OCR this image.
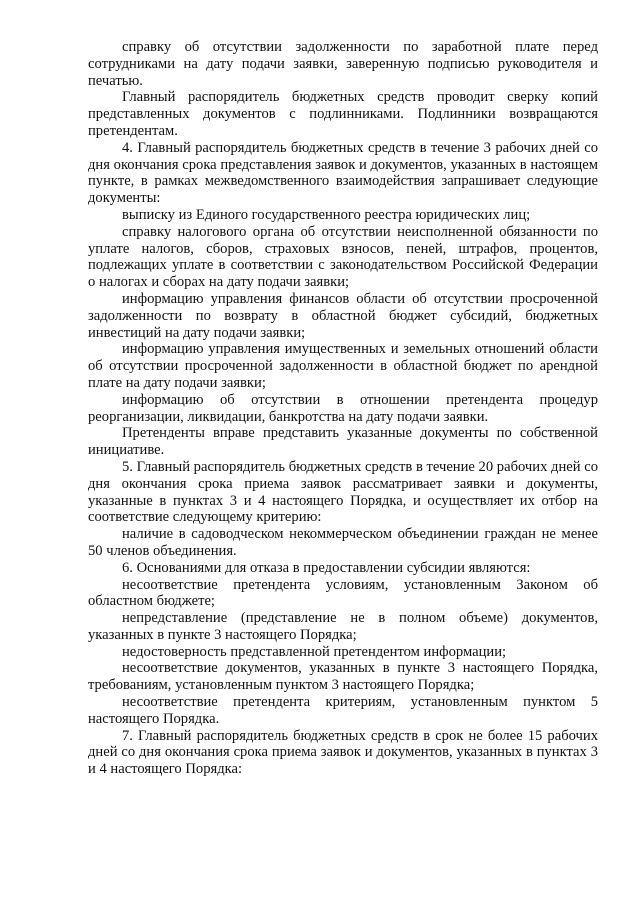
справку об отсутствии задолженности по заработной плате перед сотрудниками на дату подачи заявки, заверенную подписью руководителя и печатью.

Главный распорядитель бюджетных средств проводит сверку копий представленных документов с подлинниками. Подлинники возвращаются претендентам.

4. Главный распорядитель бюджетных средств в течение 3 рабочих дней со дня окончания срока представления заявок и документов, указанных в настоящем пункте, в рамках межведомственного взаимодействия запрашивает следующие документы:

выписку из Единого государственного реестра юридических лиц;

справку налогового органа об отсутствии неисполненной обязанности по уплате налогов, сборов, страховых взносов, пеней, штрафов, процентов, подлежащих уплате в соответствии с законодательством Российской Федерации о налогах и сборах на дату подачи заявки;

информацию управления финансов области об отсутствии просроченной задолженности по возврату в областной бюджет субсидий, бюджетных инвестиций на дату подачи заявки;

информацию управления имущественных и земельных отношений области об отсутствии просроченной задолженности в областной бюджет по арендной плате на дату подачи заявки;

информацию об отсутствии в отношении претендента процедур реорганизации, ликвидации, банкротства на дату подачи заявки.

Претенденты вправе представить указанные документы по собственной инициативе.

5. Главный распорядитель бюджетных средств в течение 20 рабочих дней со дня окончания срока приема заявок рассматривает заявки и документы, указанные в пунктах 3 и 4 настоящего Порядка, и осуществляет их отбор на соответствие следующему критерию:

наличие в садоводческом некоммерческом объединении граждан не менее 50 членов объединения.

6. Основаниями для отказа в предоставлении субсидии являются:

несоответствие претендента условиям, установленным Законом об областном бюджете;

непредставление (представление не в полном объеме) документов, указанных в пункте 3 настоящего Порядка;

недостоверность представленной претендентом информации;

несоответствие документов, указанных в пункте 3 настоящего Порядка, требованиям, установленным пунктом 3 настоящего Порядка;

несоответствие претендента критериям, установленным пунктом 5 настоящего Порядка.

7. Главный распорядитель бюджетных средств в срок не более 15 рабочих дней со дня окончания срока приема заявок и документов, указанных в пунктах 3 и 4 настоящего Порядка:
